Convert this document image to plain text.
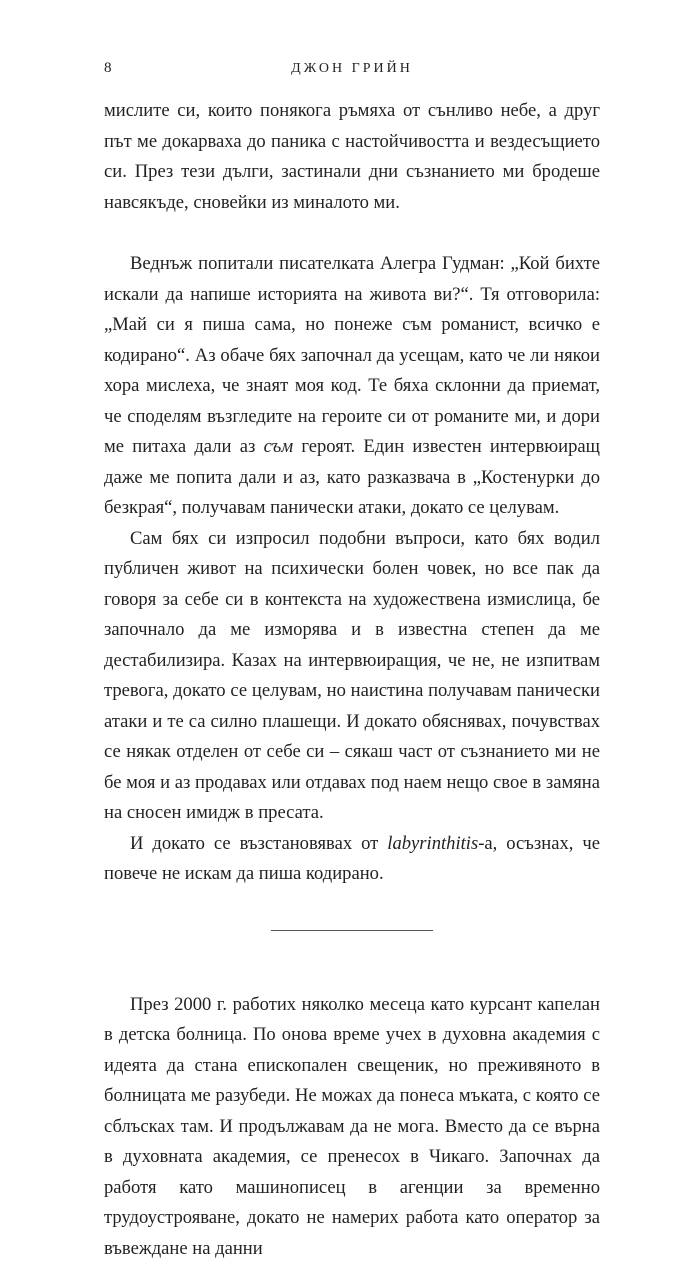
8	ДЖОН ГРИЙН

мислите си, които понякога ръмяха от сънливо небе, а друг път ме докарваха до паника с настойчивостта и вездесъщието си. През тези дълги, застинали дни съзнанието ми бродеше навсякъде, сновейки из миналото ми.

Веднъж попитали писателката Алегра Гудман: „Кой бихте искали да напише историята на живота ви?“. Тя отговорила: „Май си я пиша сама, но понеже съм романист, всичко е кодирано“. Аз обаче бях започнал да усещам, като че ли някои хора мислеха, че знаят моя код. Те бяха склонни да приемат, че споделям възгледите на героите си от романите ми, и дори ме питаха дали аз съм героят. Един известен интервюиращ даже ме попита дали и аз, като разказвача в „Костенурки до безкрая“, получавам панически атаки, докато се целувам.

Сам бях си изпросил подобни въпроси, като бях водил публичен живот на психически болен човек, но все пак да говоря за себе си в контекста на художествена измислица, бе започнало да ме изморява и в известна степен да ме дестабилизира. Казах на интервюиращия, че не, не изпитвам тревога, докато се целувам, но наистина получавам панически атаки и те са силно плашещи. И докато обяснявах, почувствах се някак отделен от себе си – сякаш част от съзнанието ми не бе моя и аз продавах или отдавах под наем нещо свое в замяна на сносен имидж в пресата.

И докато се възстановявах от labyrinthitis-а, осъзнах, че повече не искам да пиша кодирано.

През 2000 г. работих няколко месеца като курсант капелан в детска болница. По онова време учех в духовна академия с идеята да стана епископален свещеник, но преживяното в болницата ме разубеди. Не можах да понеса мъката, с която се сблъсках там. И продължавам да не мога. Вместо да се върна в духовната академия, се пренесох в Чикаго. Започнах да работя като машинописец в агенции за временно трудоустрояване, докато не намерих работа като оператор за въвеждане на данни
